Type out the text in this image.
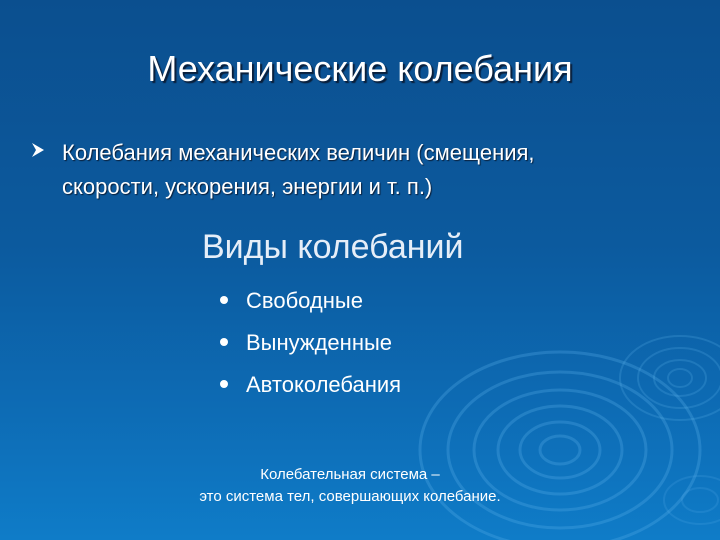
Механические колебания
Колебания механических величин (смещения,
скорости, ускорения, энергии и т. п.)
Виды колебаний
Свободные
Вынужденные
Автоколебания
Колебательная система –
это система тел, совершающих колебание.
